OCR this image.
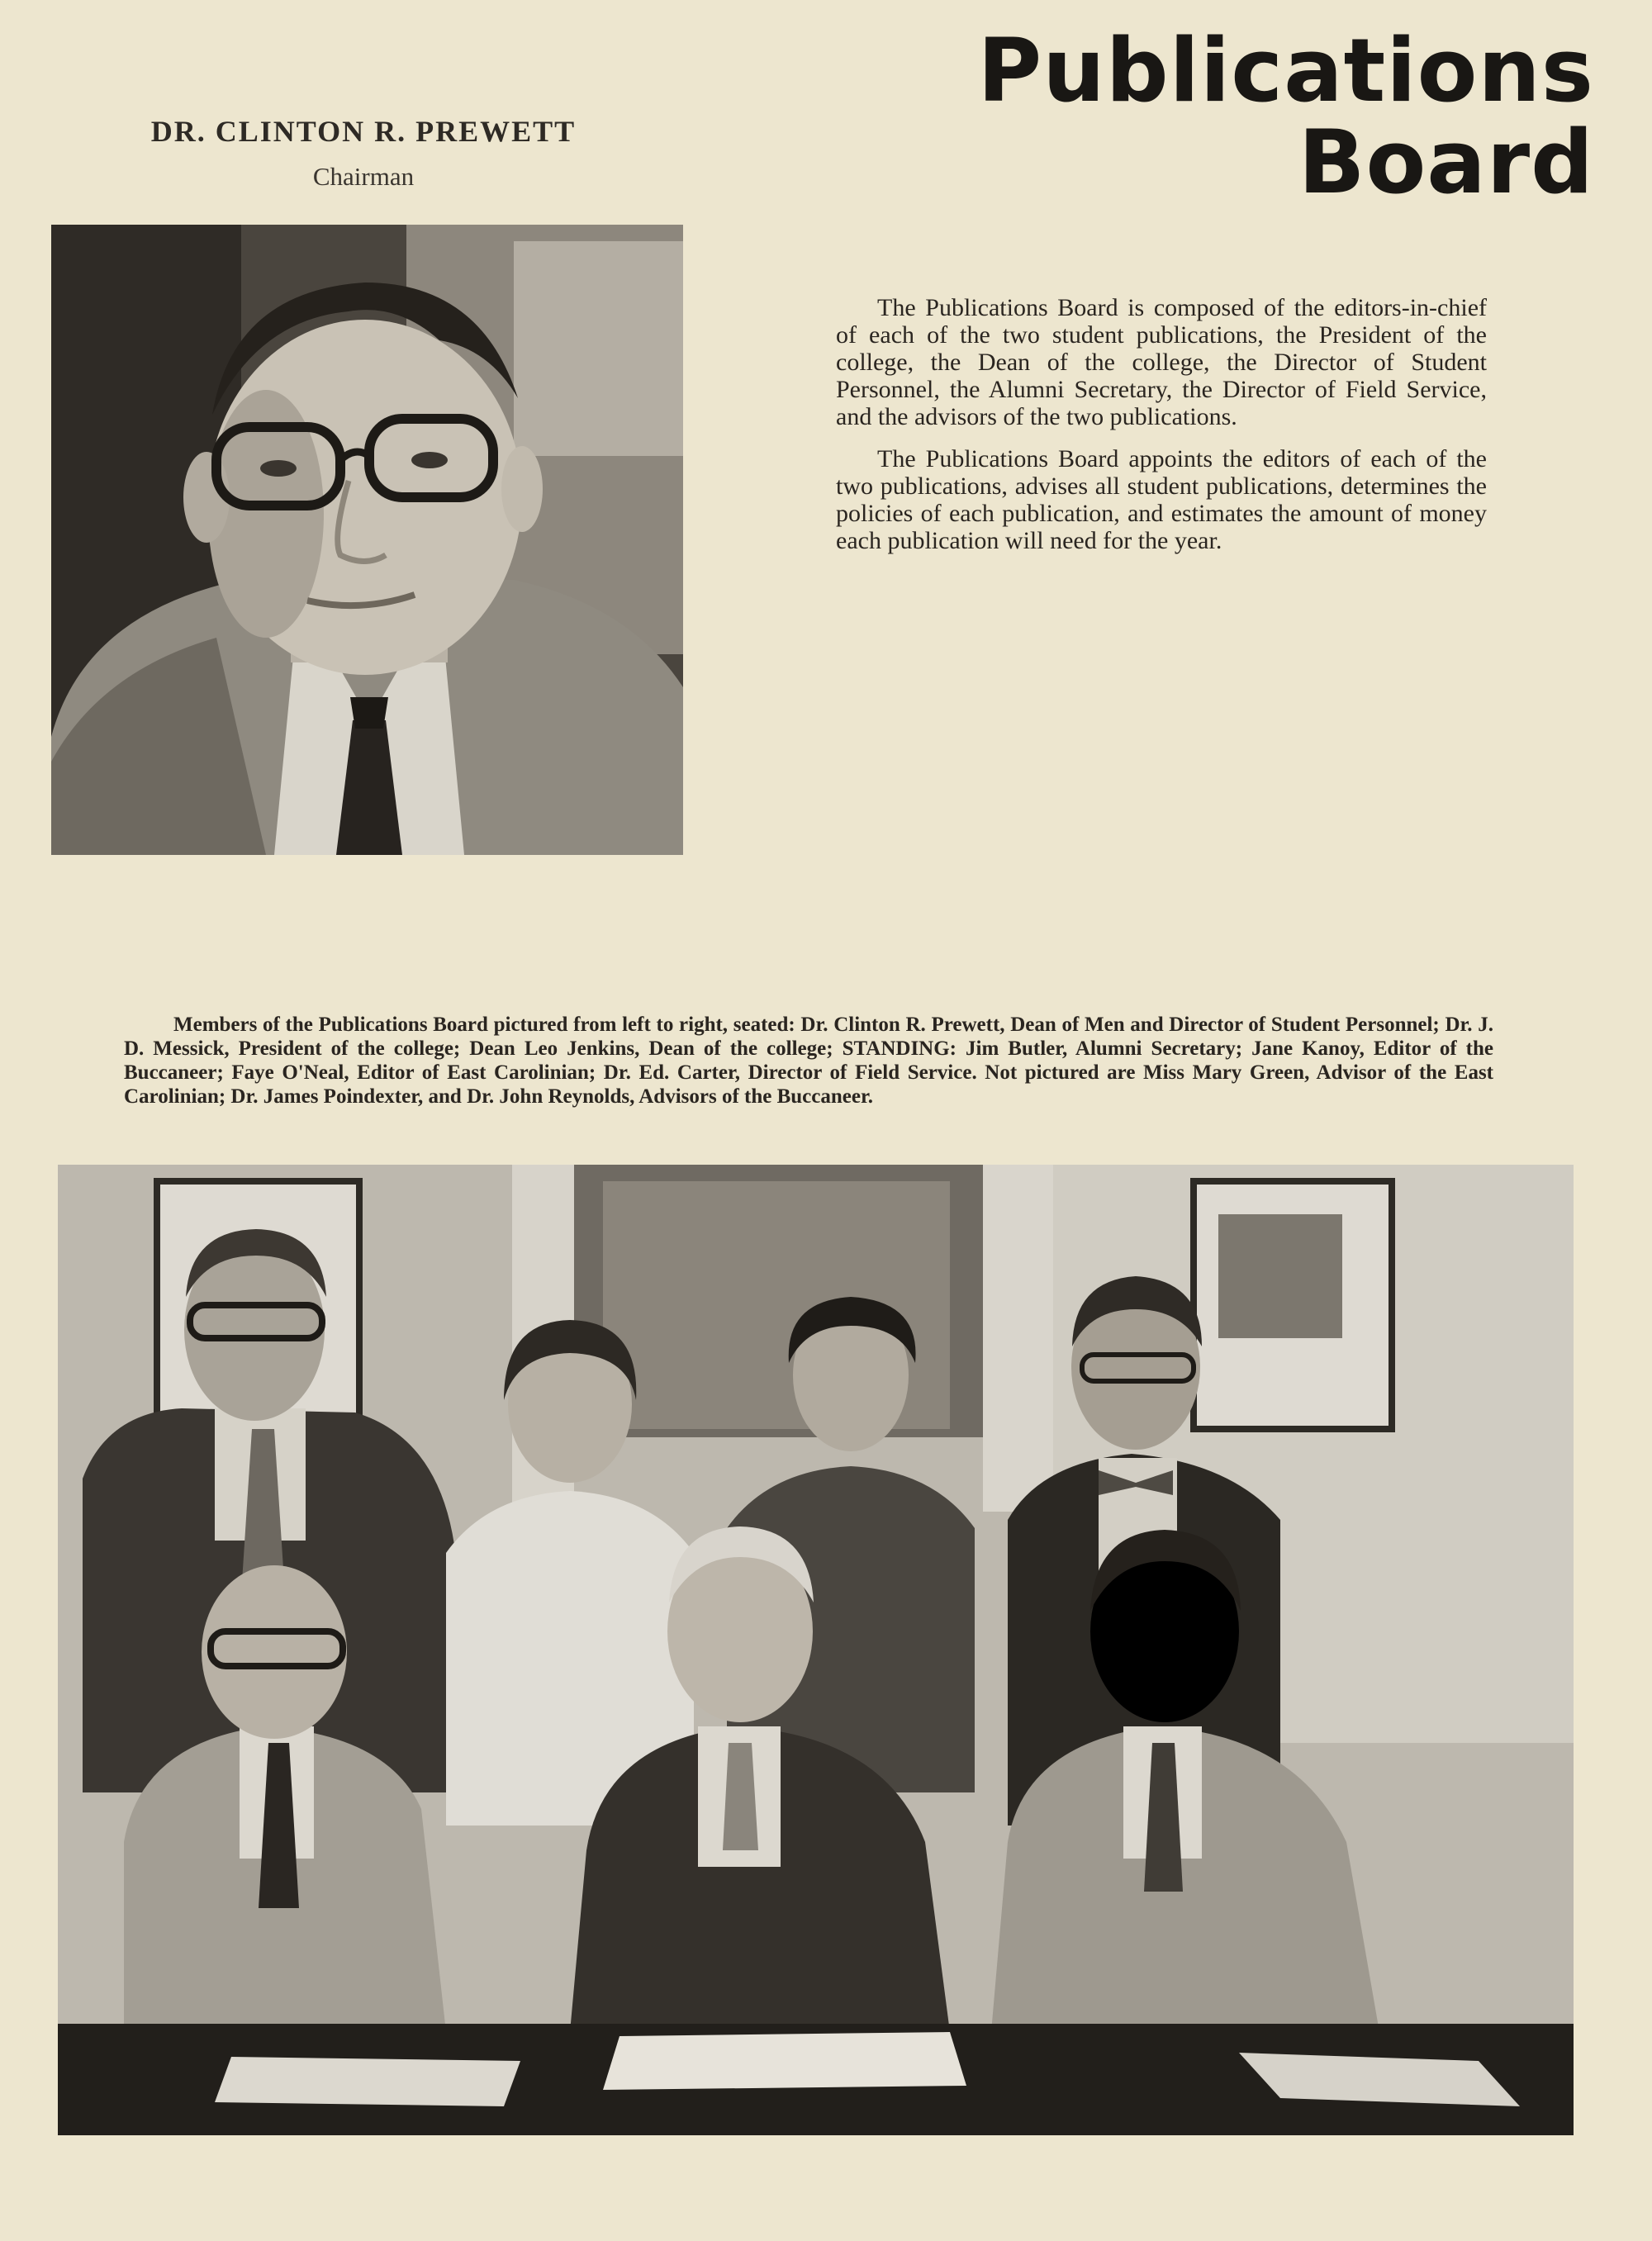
Publications Board
DR. CLINTON R. PREWETT
Chairman

The Publications Board is composed of the editors-in-chief of each of the two student publications, the President of the college, the Dean of the college, the Director of Student Personnel, the Alumni Secretary, the Director of Field Service, and the advisors of the two publications.

The Publications Board appoints the editors of each of the two publications, advises all student publications, determines the policies of each publication, and estimates the amount of money each publication will need for the year.

Members of the Publications Board pictured from left to right, seated: Dr. Clinton R. Prewett, Dean of Men and Director of Student Personnel; Dr. J. D. Messick, President of the college; Dean Leo Jenkins, Dean of the college; STANDING: Jim Butler, Alumni Secretary; Jane Kanoy, Editor of the Buccaneer; Faye O'Neal, Editor of East Carolinian; Dr. Ed. Carter, Director of Field Service. Not pictured are Miss Mary Green, Advisor of the East Carolinian; Dr. James Poindexter, and Dr. John Reynolds, Advisors of the Buccaneer.
